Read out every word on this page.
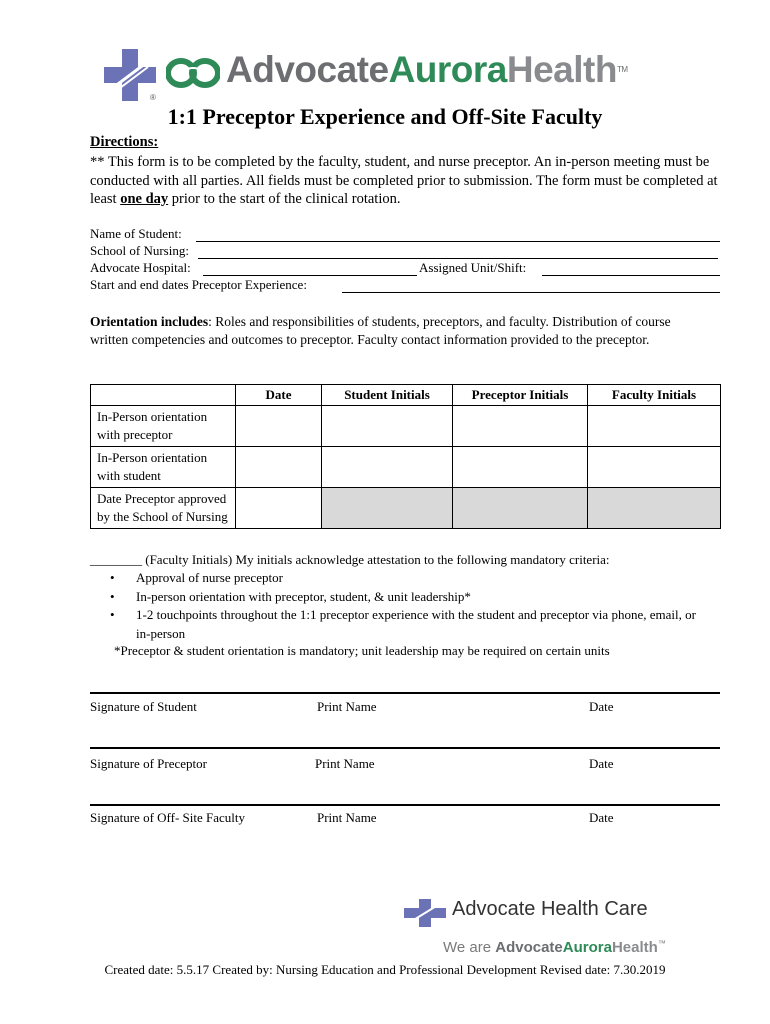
®
AdvocateAuroraHealth™
1:1 Preceptor Experience and Off-Site Faculty
Directions:
** This form is to be completed by the faculty, student, and nurse preceptor. An in-person meeting must be conducted with all parties. All fields must be completed prior to submission. The form must be completed at least one day prior to the start of the clinical rotation.
Name of Student:
School of Nursing:
Advocate Hospital:	Assigned Unit/Shift:
Start and end dates Preceptor Experience:
Orientation includes: Roles and responsibilities of students, preceptors, and faculty. Distribution of course written competencies and outcomes to preceptor. Faculty contact information provided to the preceptor.
	Date	Student Initials	Preceptor Initials	Faculty Initials
In-Person orientation with preceptor				
In-Person orientation with student				
Date Preceptor approved by the School of Nursing				
________ (Faculty Initials) My initials acknowledge attestation to the following mandatory criteria:
• Approval of nurse preceptor
• In-person orientation with preceptor, student, & unit leadership*
• 1-2 touchpoints throughout the 1:1 preceptor experience with the student and preceptor via phone, email, or in-person
*Preceptor & student orientation is mandatory; unit leadership may be required on certain units
Signature of Student	Print Name	Date
Signature of Preceptor	Print Name	Date
Signature of Off- Site Faculty	Print Name	Date
Advocate Health Care
We are AdvocateAuroraHealth™
Created date: 5.5.17 Created by: Nursing Education and Professional Development Revised date: 7.30.2019
